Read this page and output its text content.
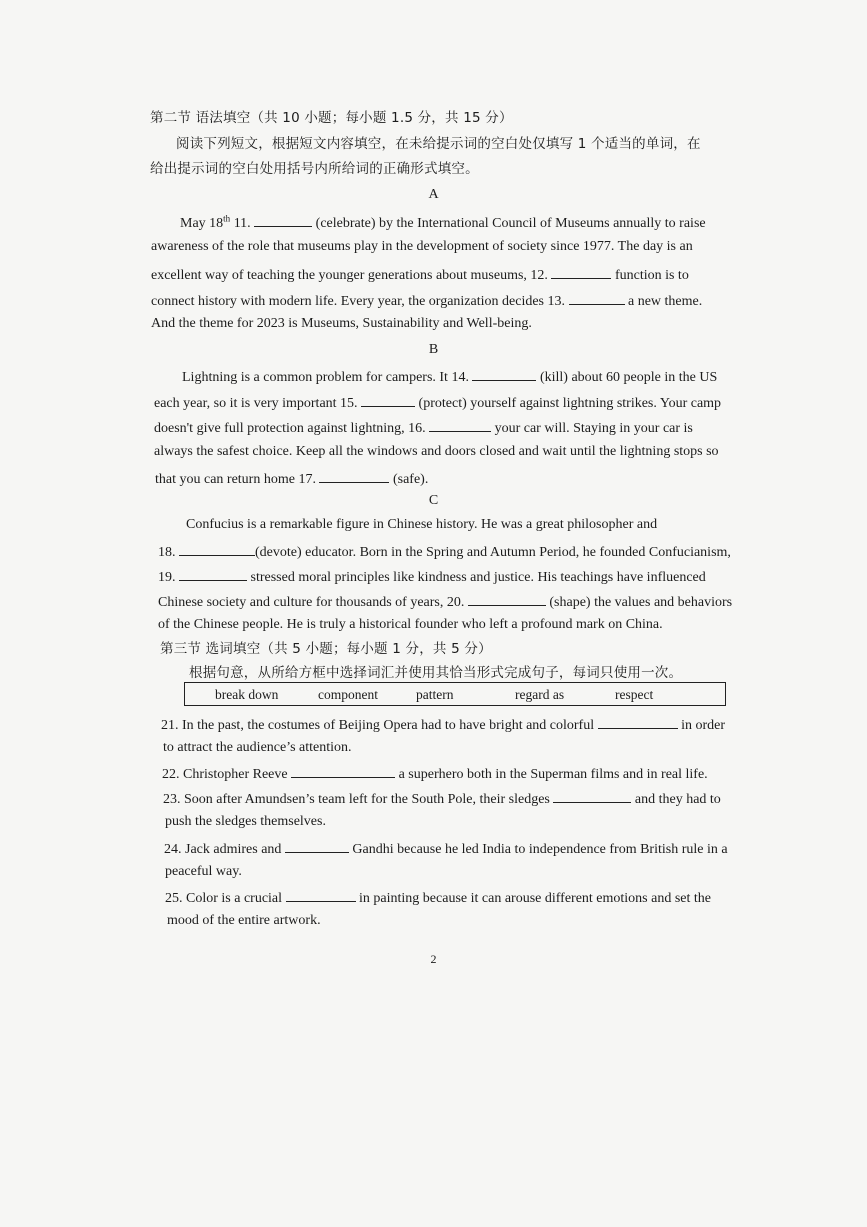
第二节 语法填空（共 10 小题；每小题 1.5 分，共 15 分）
阅读下列短文，根据短文内容填空，在未给提示词的空白处仅填写 1 个适当的单词，在
给出提示词的空白处用括号内所给词的正确形式填空。
A
May 18th 11.	(celebrate) by the International Council of Museums annually to raise
awareness of the role that museums play in the development of society since 1977. The day is an
excellent way of teaching the younger generations about museums, 12.	function is to
connect history with modern life. Every year, the organization decides 13.	a new theme.
And the theme for 2023 is Museums, Sustainability and Well-being.
B
Lightning is a common problem for campers. It 14.	(kill) about 60 people in the US
each year, so it is very important 15.	(protect) yourself against lightning strikes. Your camp
doesn't give full protection against lightning, 16.	your car will. Staying in your car is
always the safest choice. Keep all the windows and doors closed and wait until the lightning stops so
that you can return home 17.	(safe).
C
Confucius is a remarkable figure in Chinese history. He was a great philosopher and
18.	(devote) educator. Born in the Spring and Autumn Period, he founded Confucianism,
19.	stressed moral principles like kindness and justice. His teachings have influenced
Chinese society and culture for thousands of years, 20.	(shape) the values and behaviors
of the Chinese people. He is truly a historical founder who left a profound mark on China.
第三节 选词填空（共 5 小题；每小题 1 分，共 5 分）
根据句意，从所给方框中选择词汇并使用其恰当形式完成句子，每词只使用一次。
break down	component	pattern	regard as	respect
21. In the past, the costumes of Beijing Opera had to have bright and colorful	in order
to attract the audience’s attention.
22. Christopher Reeve	a superhero both in the Superman films and in real life.
23. Soon after Amundsen’s team left for the South Pole, their sledges	and they had to
push the sledges themselves.
24. Jack admires and	Gandhi because he led India to independence from British rule in a
peaceful way.
25. Color is a crucial	in painting because it can arouse different emotions and set the
mood of the entire artwork.
2
